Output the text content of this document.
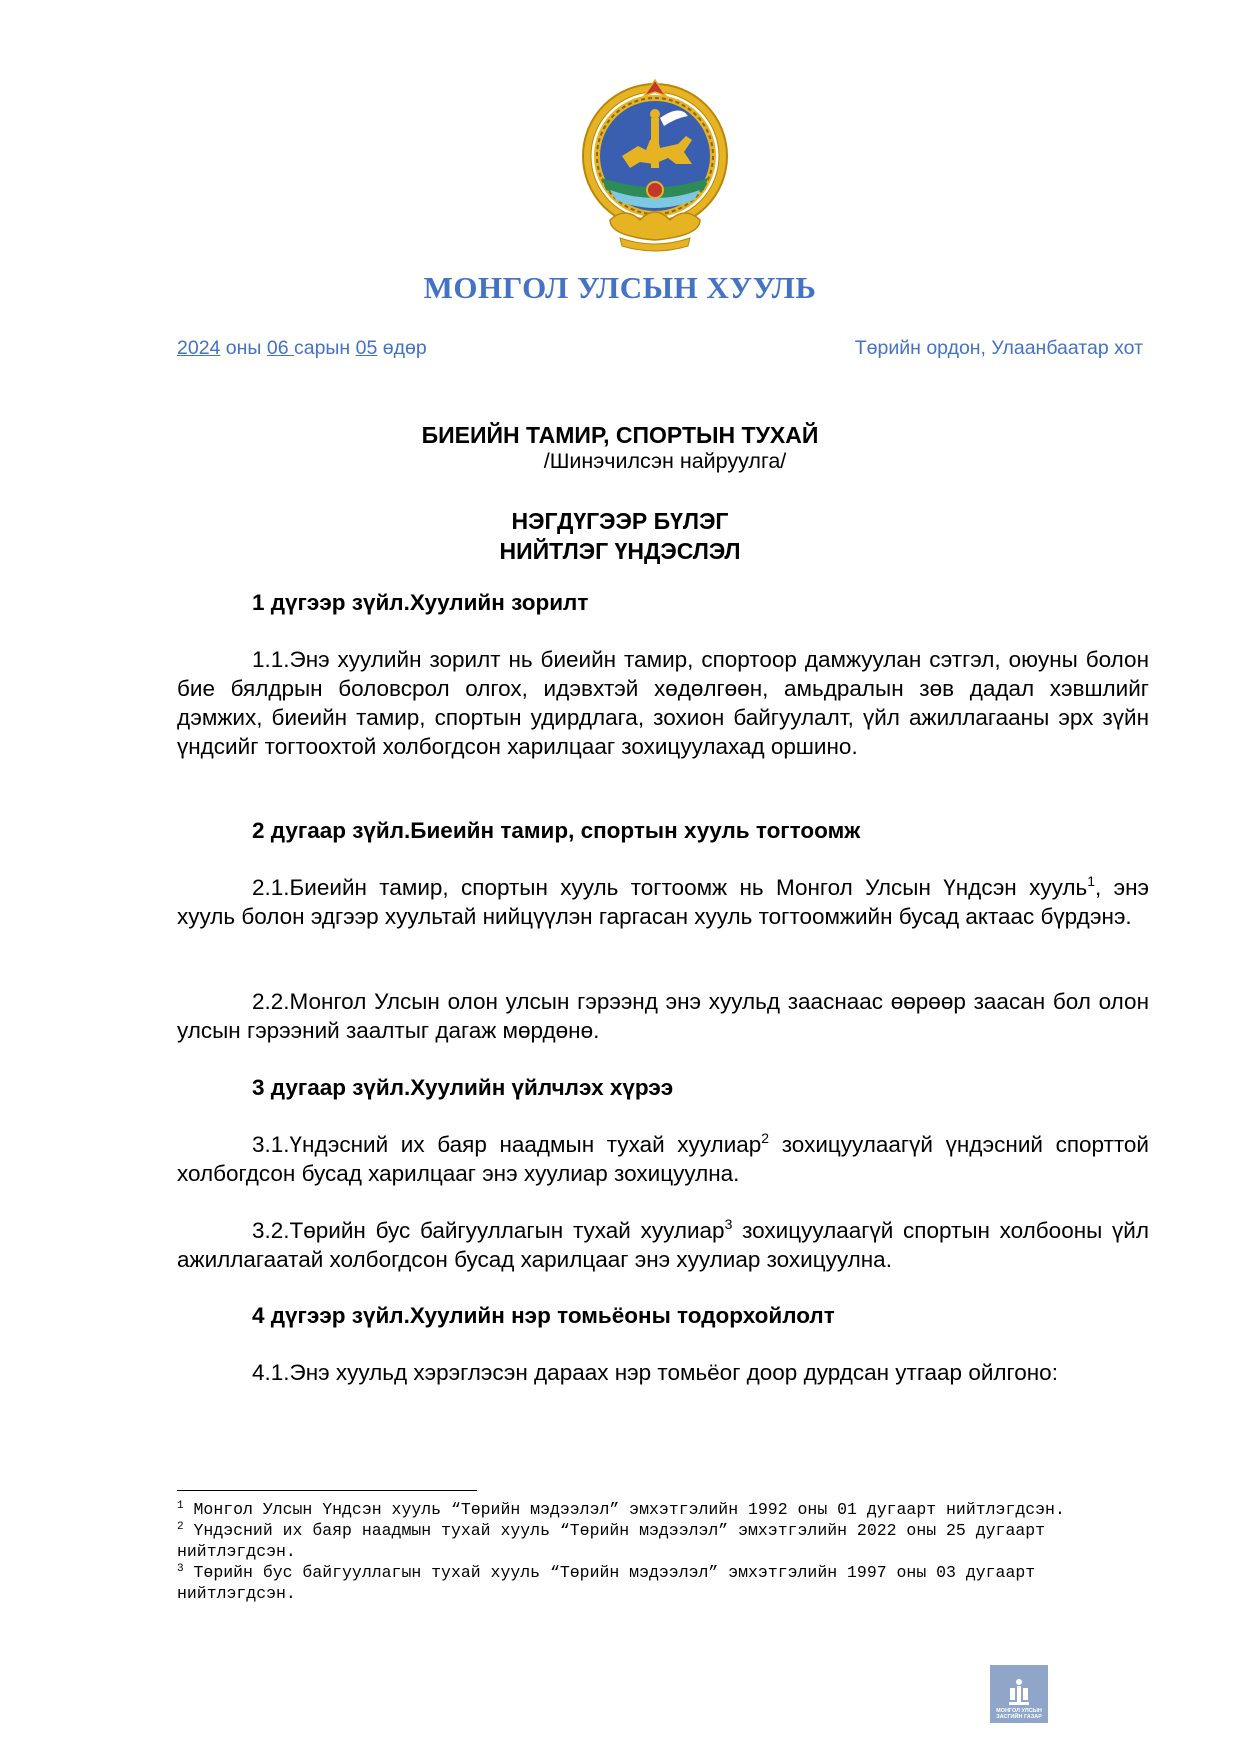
МОНГОЛ УЛСЫН ХУУЛЬ
2024 оны 06 сарын 05 өдөр	Төрийн ордон, Улаанбаатар хот
БИЕИЙН ТАМИР, СПОРТЫН ТУХАЙ
/Шинэчилсэн найруулга/
НЭГДҮГЭЭР БҮЛЭГ
НИЙТЛЭГ ҮНДЭСЛЭЛ
1 дүгээр зүйл.Хуулийн зорилт
1.1.Энэ хуулийн зорилт нь биеийн тамир, спортоор дамжуулан сэтгэл, оюуны болон бие бялдрын боловсрол олгох, идэвхтэй хөдөлгөөн, амьдралын зөв дадал хэвшлийг дэмжих, биеийн тамир, спортын удирдлага, зохион байгуулалт, үйл ажиллагааны эрх зүйн үндсийг тогтоохтой холбогдсон харилцааг зохицуулахад оршино.
2 дугаар зүйл.Биеийн тамир, спортын хууль тогтоомж
2.1.Биеийн тамир, спортын хууль тогтоомж нь Монгол Улсын Үндсэн хууль$^1$, энэ хууль болон эдгээр хуультай нийцүүлэн гаргасан хууль тогтоомжийн бусад актаас бүрдэнэ.
2.2.Монгол Улсын олон улсын гэрээнд энэ хуульд зааснаас өөрөөр заасан бол олон улсын гэрээний заалтыг дагаж мөрдөнө.
3 дугаар зүйл.Хуулийн үйлчлэх хүрээ
3.1.Үндэсний их баяр наадмын тухай хуулиар$^2$ зохицуулаагүй үндэсний спорттой холбогдсон бусад харилцааг энэ хуулиар зохицуулна.
3.2.Төрийн бус байгууллагын тухай хуулиар$^3$ зохицуулаагүй спортын холбооны үйл ажиллагаатай холбогдсон бусад харилцааг энэ хуулиар зохицуулна.
4 дүгээр зүйл.Хуулийн нэр томьёоны тодорхойлолт
4.1.Энэ хуульд хэрэглэсэн дараах нэр томьёог доор дурдсан утгаар ойлгоно:

$^1$ Монгол Улсын Үндсэн хууль “Төрийн мэдээлэл” эмхэтгэлийн 1992 оны 01 дугаарт нийтлэгдсэн.

$^2$ Үндэсний их баяр наадмын тухай хууль “Төрийн мэдээлэл” эмхэтгэлийн 2022 оны 25 дугаарт нийтлэгдсэн.

$^3$ Төрийн бус байгууллагын тухай хууль “Төрийн мэдээлэл” эмхэтгэлийн 1997 оны 03 дугаарт нийтлэгдсэн.

МОНГОЛ УЛСЫН
ЗАСГИЙН ГАЗАР
